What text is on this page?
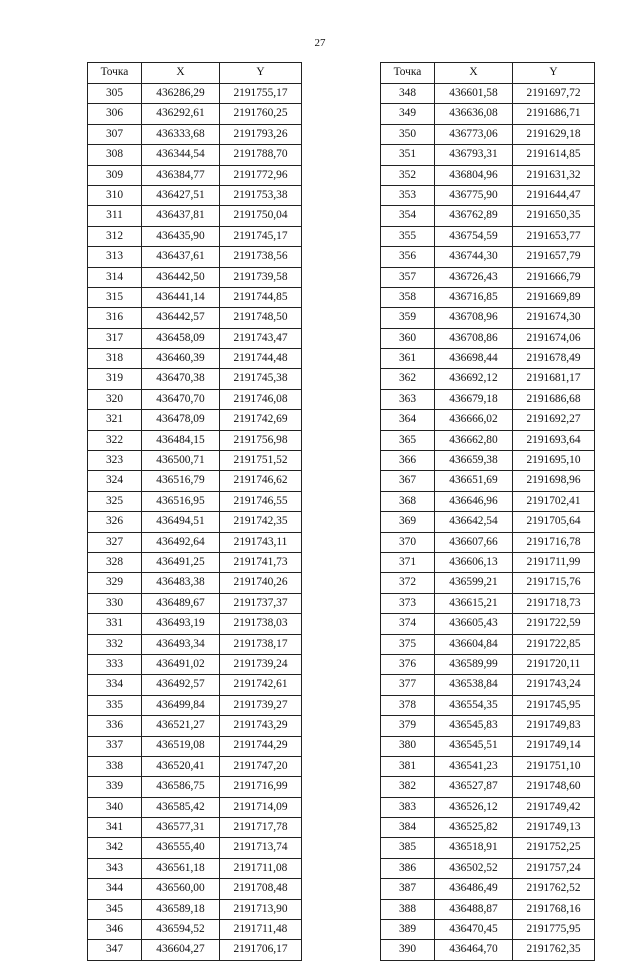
27
Точка	X	Y
305	436286,29	2191755,17
306	436292,61	2191760,25
307	436333,68	2191793,26
308	436344,54	2191788,70
309	436384,77	2191772,96
310	436427,51	2191753,38
311	436437,81	2191750,04
312	436435,90	2191745,17
313	436437,61	2191738,56
314	436442,50	2191739,58
315	436441,14	2191744,85
316	436442,57	2191748,50
317	436458,09	2191743,47
318	436460,39	2191744,48
319	436470,38	2191745,38
320	436470,70	2191746,08
321	436478,09	2191742,69
322	436484,15	2191756,98
323	436500,71	2191751,52
324	436516,79	2191746,62
325	436516,95	2191746,55
326	436494,51	2191742,35
327	436492,64	2191743,11
328	436491,25	2191741,73
329	436483,38	2191740,26
330	436489,67	2191737,37
331	436493,19	2191738,03
332	436493,34	2191738,17
333	436491,02	2191739,24
334	436492,57	2191742,61
335	436499,84	2191739,27
336	436521,27	2191743,29
337	436519,08	2191744,29
338	436520,41	2191747,20
339	436586,75	2191716,99
340	436585,42	2191714,09
341	436577,31	2191717,78
342	436555,40	2191713,74
343	436561,18	2191711,08
344	436560,00	2191708,48
345	436589,18	2191713,90
346	436594,52	2191711,48
347	436604,27	2191706,17
Точка	X	Y
348	436601,58	2191697,72
349	436636,08	2191686,71
350	436773,06	2191629,18
351	436793,31	2191614,85
352	436804,96	2191631,32
353	436775,90	2191644,47
354	436762,89	2191650,35
355	436754,59	2191653,77
356	436744,30	2191657,79
357	436726,43	2191666,79
358	436716,85	2191669,89
359	436708,96	2191674,30
360	436708,86	2191674,06
361	436698,44	2191678,49
362	436692,12	2191681,17
363	436679,18	2191686,68
364	436666,02	2191692,27
365	436662,80	2191693,64
366	436659,38	2191695,10
367	436651,69	2191698,96
368	436646,96	2191702,41
369	436642,54	2191705,64
370	436607,66	2191716,78
371	436606,13	2191711,99
372	436599,21	2191715,76
373	436615,21	2191718,73
374	436605,43	2191722,59
375	436604,84	2191722,85
376	436589,99	2191720,11
377	436538,84	2191743,24
378	436554,35	2191745,95
379	436545,83	2191749,83
380	436545,51	2191749,14
381	436541,23	2191751,10
382	436527,87	2191748,60
383	436526,12	2191749,42
384	436525,82	2191749,13
385	436518,91	2191752,25
386	436502,52	2191757,24
387	436486,49	2191762,52
388	436488,87	2191768,16
389	436470,45	2191775,95
390	436464,70	2191762,35
